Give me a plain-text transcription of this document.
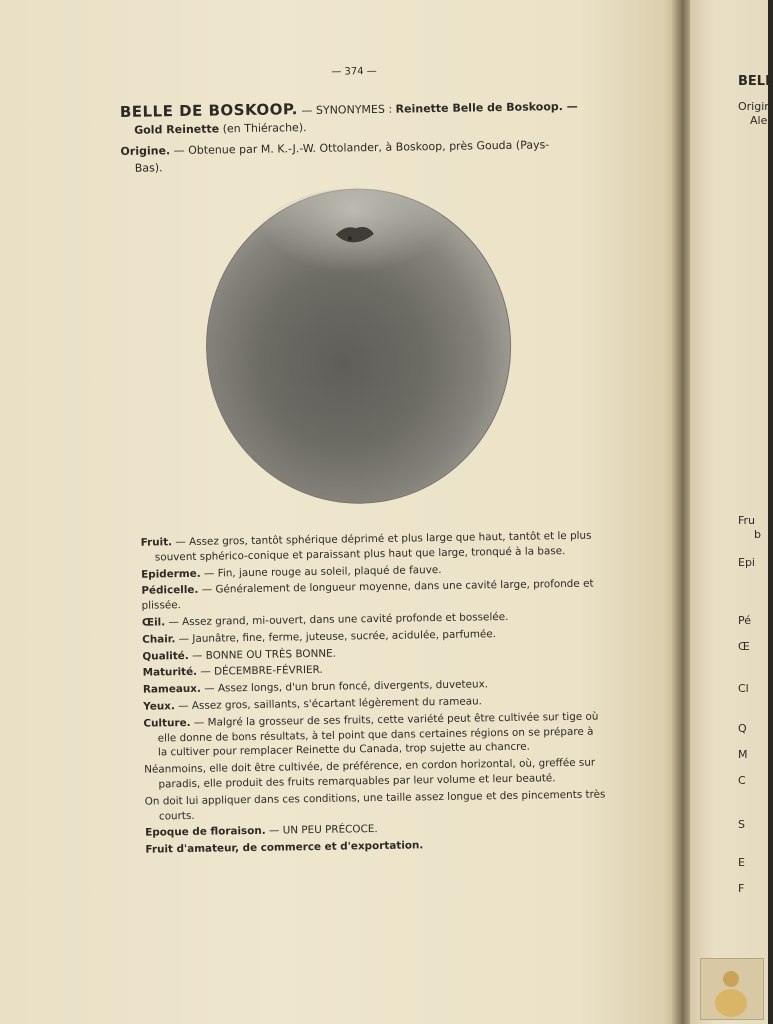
BELL
Origin
Ale
Fru
b
Epi
Pé
Œ
Cl
Q
M
C
S
E
F
— 374 —
BELLE DE BOSKOOP. — SYNONYMES : Reinette Belle de Boskoop. —
Gold Reinette (en Thiérache).
Origine. — Obtenue par M. K.-J.-W. Ottolander, à Boskoop, près Gouda (Pays-
Bas).
Fruit. — Assez gros, tantôt sphérique déprimé et plus large que haut, tantôt et le plus souvent sphérico-conique et paraissant plus haut que large, tronqué à la base.
Epiderme. — Fin, jaune rouge au soleil, plaqué de fauve.
Pédicelle. — Généralement de longueur moyenne, dans une cavité large, profonde et plissée.
Œil. — Assez grand, mi-ouvert, dans une cavité profonde et bosselée.
Chair. — Jaunâtre, fine, ferme, juteuse, sucrée, acidulée, parfumée.
Qualité. — BONNE OU TRÈS BONNE.
Maturité. — DÉCEMBRE-FÉVRIER.
Rameaux. — Assez longs, d'un brun foncé, divergents, duveteux.
Yeux. — Assez gros, saillants, s'écartant légèrement du rameau.
Culture. — Malgré la grosseur de ses fruits, cette variété peut être cultivée sur tige où elle donne de bons résultats, à tel point que dans certaines régions on se prépare à la cultiver pour remplacer Reinette du Canada, trop sujette au chancre.
Néanmoins, elle doit être cultivée, de préférence, en cordon horizontal, où, greffée sur paradis, elle produit des fruits remarquables par leur volume et leur beauté.
On doit lui appliquer dans ces conditions, une taille assez longue et des pincements très courts.
Epoque de floraison. — UN PEU PRÉCOCE.
Fruit d'amateur, de commerce et d'exportation.
